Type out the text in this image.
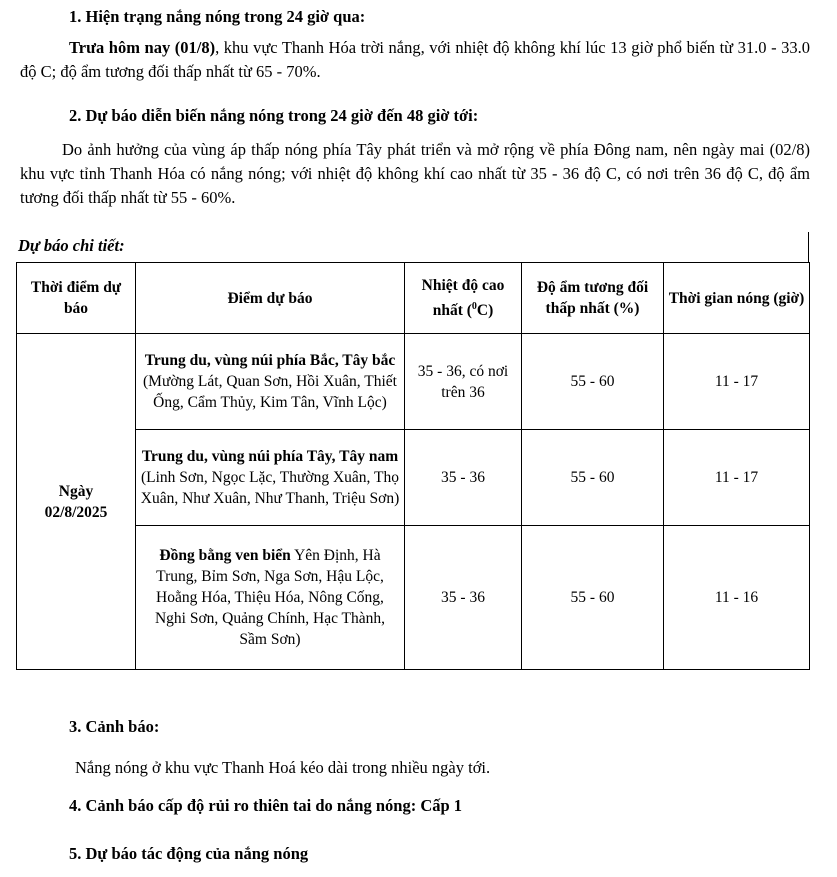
1. Hiện trạng nắng nóng trong 24 giờ qua:

Trưa hôm nay (01/8), khu vực Thanh Hóa trời nắng, với nhiệt độ không khí lúc 13 giờ phổ biến từ 31.0 - 33.0 độ C; độ ẩm tương đối thấp nhất từ 65 - 70%.

2. Dự báo diễn biến nắng nóng trong 24 giờ đến 48 giờ tới:

Do ảnh hưởng của vùng áp thấp nóng phía Tây phát triển và mở rộng về phía Đông nam, nên ngày mai (02/8) khu vực tỉnh Thanh Hóa có nắng nóng; với nhiệt độ không khí cao nhất từ 35 - 36 độ C, có nơi trên 36 độ C, độ ẩm tương đối thấp nhất từ 55 - 60%.

Dự báo chi tiết:

Thời điểm dự báo	Điểm dự báo	Nhiệt độ cao nhất ($^0$C)	Độ ẩm tương đối thấp nhất (%)	Thời gian nóng (giờ)

Ngày
02/8/2025	Trung du, vùng núi phía Bắc, Tây bắc (Mường Lát, Quan Sơn, Hồi Xuân, Thiết Ống, Cẩm Thủy, Kim Tân, Vĩnh Lộc)	35 - 36, có nơi trên 36	55 - 60	11 - 17
	Trung du, vùng núi phía Tây, Tây nam (Linh Sơn, Ngọc Lặc, Thường Xuân, Thọ Xuân, Như Xuân, Như Thanh, Triệu Sơn)	35 - 36	55 - 60	11 - 17
	Đồng bằng ven biển Yên Định, Hà Trung, Bỉm Sơn, Nga Sơn, Hậu Lộc, Hoằng Hóa, Thiệu Hóa, Nông Cống, Nghi Sơn, Quảng Chính, Hạc Thành, Sầm Sơn)	35 - 36	55 - 60	11 - 16

3. Cảnh báo:

Nắng nóng ở khu vực Thanh Hoá kéo dài trong nhiều ngày tới.

4. Cảnh báo cấp độ rủi ro thiên tai do nắng nóng: Cấp 1

5. Dự báo tác động của nắng nóng
